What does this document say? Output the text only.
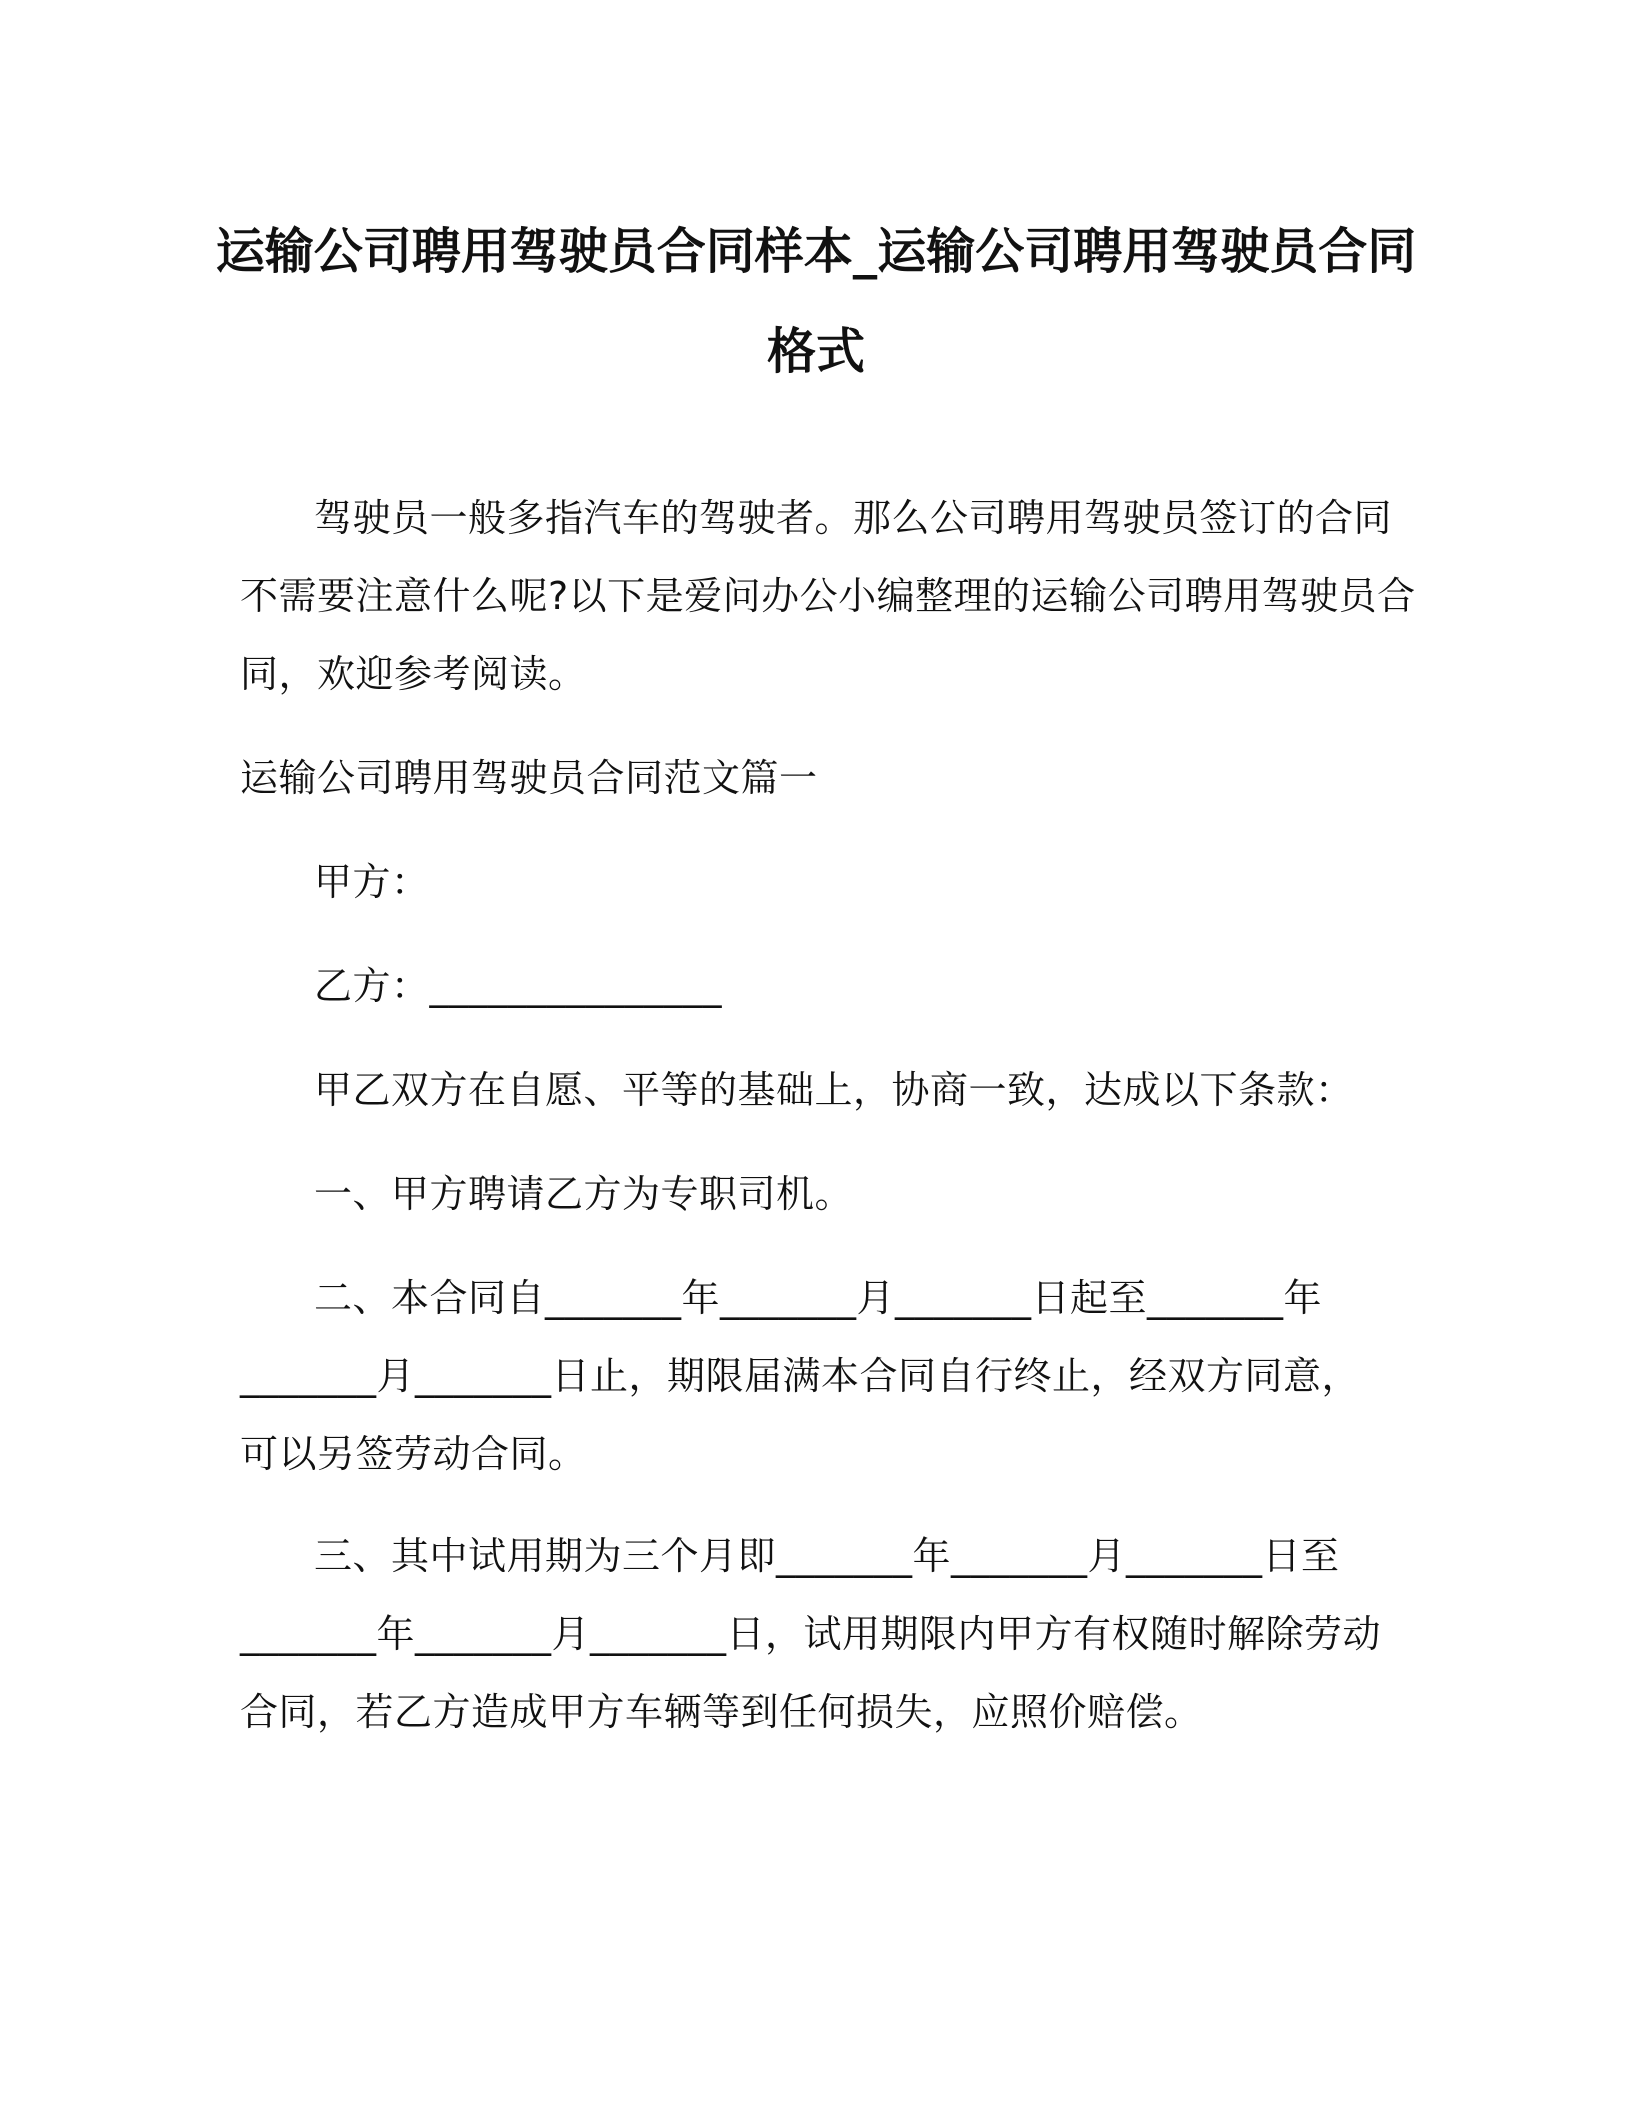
运输公司聘用驾驶员合同样本_运输公司聘用驾驶员合同
格式
驾驶员一般多指汽车的驾驶者。那么公司聘用驾驶员签订的合同
不需要注意什么呢?以下是爱问办公小编整理的运输公司聘用驾驶员合
同，欢迎参考阅读。
运输公司聘用驾驶员合同范文篇一
甲方：
乙方：_______________
甲乙双方在自愿、平等的基础上，协商一致，达成以下条款：
一、甲方聘请乙方为专职司机。
二、本合同自_______年_______月_______日起至_______年
_______月_______日止，期限届满本合同自行终止，经双方同意，
可以另签劳动合同。
三、其中试用期为三个月即_______年_______月_______日至
_______年_______月_______日，试用期限内甲方有权随时解除劳动
合同，若乙方造成甲方车辆等到任何损失，应照价赔偿。
